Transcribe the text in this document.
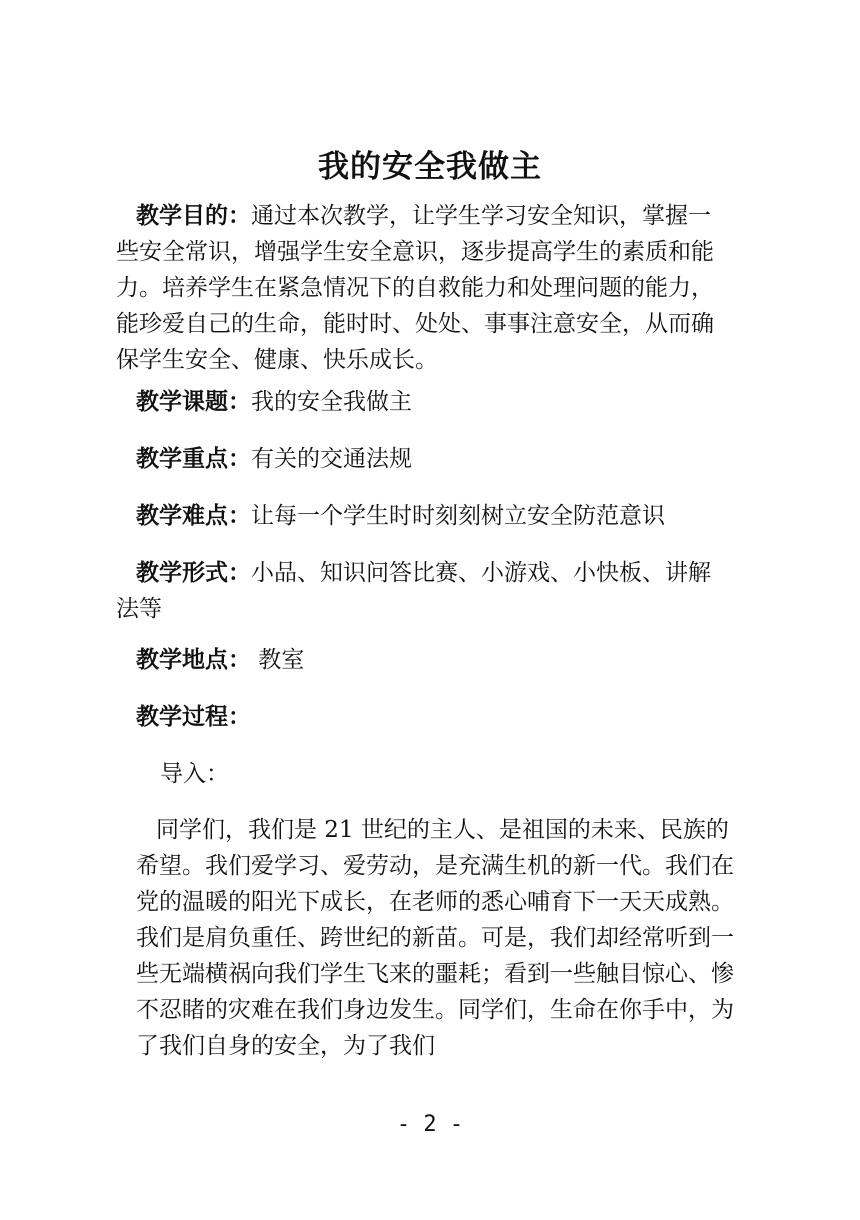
我的安全我做主
教学目的：通过本次教学，让学生学习安全知识，掌握一些安全常识，增强学生安全意识，逐步提高学生的素质和能力。培养学生在紧急情况下的自救能力和处理问题的能力，能珍爱自己的生命，能时时、处处、事事注意安全，从而确保学生安全、健康、快乐成长。
教学课题：我的安全我做主
教学重点：有关的交通法规
教学难点：让每一个学生时时刻刻树立安全防范意识
教学形式：小品、知识问答比赛、小游戏、小快板、讲解法等
教学地点： 教室
教学过程：
导入：
同学们，我们是 21 世纪的主人、是祖国的未来、民族的希望。我们爱学习、爱劳动，是充满生机的新一代。我们在党的温暖的阳光下成长，在老师的悉心哺育下一天天成熟。我们是肩负重任、跨世纪的新苗。可是，我们却经常听到一些无端横祸向我们学生飞来的噩耗；看到一些触目惊心、惨不忍睹的灾难在我们身边发生。同学们，生命在你手中，为了我们自身的安全，为了我们
- 2 -
